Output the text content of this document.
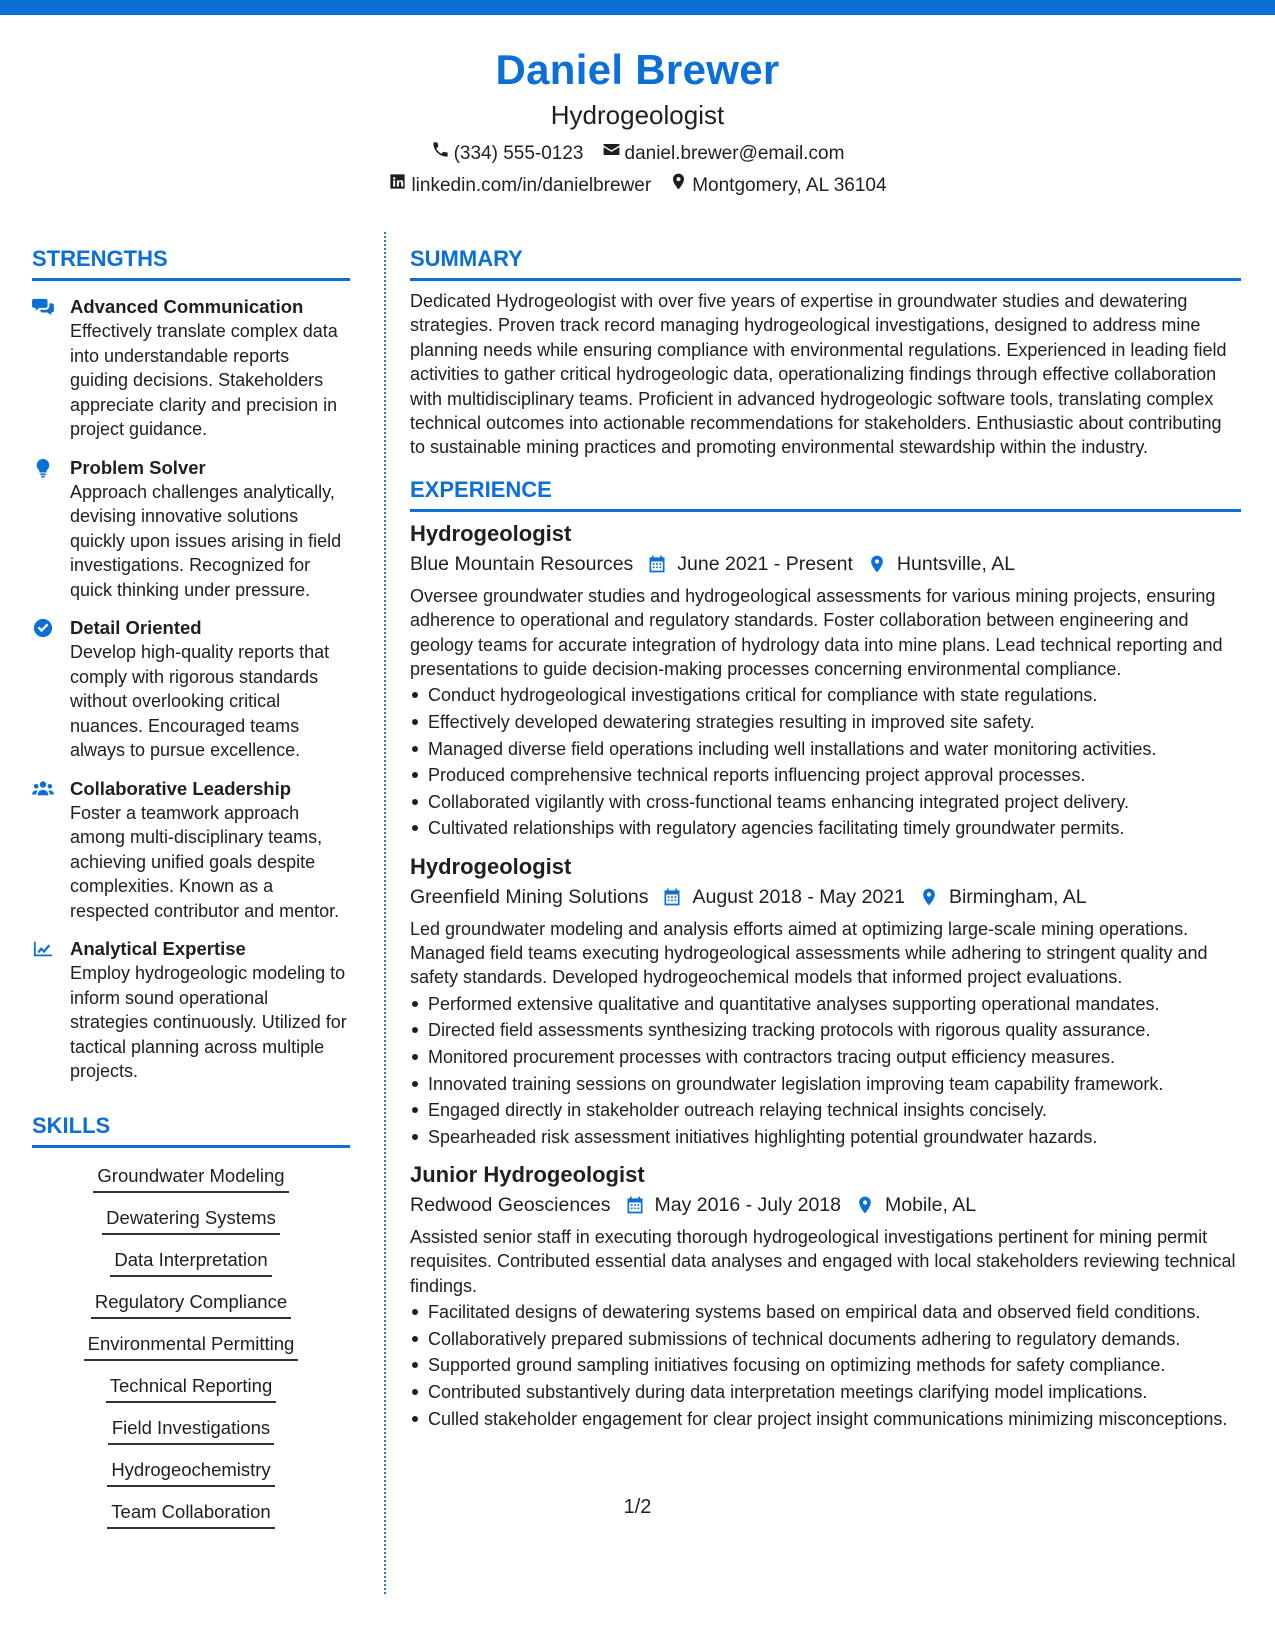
Daniel Brewer
Hydrogeologist
(334) 555-0123 daniel.brewer@email.com
linkedin.com/in/danielbrewer Montgomery, AL 36104
STRENGTHS
Advanced Communication
Effectively translate complex data into understandable reports guiding decisions. Stakeholders appreciate clarity and precision in project guidance.
Problem Solver
Approach challenges analytically, devising innovative solutions quickly upon issues arising in field investigations. Recognized for quick thinking under pressure.
Detail Oriented
Develop high-quality reports that comply with rigorous standards without overlooking critical nuances. Encouraged teams always to pursue excellence.
Collaborative Leadership
Foster a teamwork approach among multi-disciplinary teams, achieving unified goals despite complexities. Known as a respected contributor and mentor.
Analytical Expertise
Employ hydrogeologic modeling to inform sound operational strategies continuously. Utilized for tactical planning across multiple projects.
SKILLS
Groundwater Modeling
Dewatering Systems
Data Interpretation
Regulatory Compliance
Environmental Permitting
Technical Reporting
Field Investigations
Hydrogeochemistry
Team Collaboration
SUMMARY
Dedicated Hydrogeologist with over five years of expertise in groundwater studies and dewatering strategies. Proven track record managing hydrogeological investigations, designed to address mine planning needs while ensuring compliance with environmental regulations. Experienced in leading field activities to gather critical hydrogeologic data, operationalizing findings through effective collaboration with multidisciplinary teams. Proficient in advanced hydrogeologic software tools, translating complex technical outcomes into actionable recommendations for stakeholders. Enthusiastic about contributing to sustainable mining practices and promoting environmental stewardship within the industry.
EXPERIENCE
Hydrogeologist
Blue Mountain Resources June 2021 - Present Huntsville, AL
Oversee groundwater studies and hydrogeological assessments for various mining projects, ensuring adherence to operational and regulatory standards. Foster collaboration between engineering and geology teams for accurate integration of hydrology data into mine plans. Lead technical reporting and presentations to guide decision-making processes concerning environmental compliance.
Conduct hydrogeological investigations critical for compliance with state regulations.
Effectively developed dewatering strategies resulting in improved site safety.
Managed diverse field operations including well installations and water monitoring activities.
Produced comprehensive technical reports influencing project approval processes.
Collaborated vigilantly with cross-functional teams enhancing integrated project delivery.
Cultivated relationships with regulatory agencies facilitating timely groundwater permits.
Hydrogeologist
Greenfield Mining Solutions August 2018 - May 2021 Birmingham, AL
Led groundwater modeling and analysis efforts aimed at optimizing large-scale mining operations. Managed field teams executing hydrogeological assessments while adhering to stringent quality and safety standards. Developed hydrogeochemical models that informed project evaluations.
Performed extensive qualitative and quantitative analyses supporting operational mandates.
Directed field assessments synthesizing tracking protocols with rigorous quality assurance.
Monitored procurement processes with contractors tracing output efficiency measures.
Innovated training sessions on groundwater legislation improving team capability framework.
Engaged directly in stakeholder outreach relaying technical insights concisely.
Spearheaded risk assessment initiatives highlighting potential groundwater hazards.
Junior Hydrogeologist
Redwood Geosciences May 2016 - July 2018 Mobile, AL
Assisted senior staff in executing thorough hydrogeological investigations pertinent for mining permit requisites. Contributed essential data analyses and engaged with local stakeholders reviewing technical findings.
Facilitated designs of dewatering systems based on empirical data and observed field conditions.
Collaboratively prepared submissions of technical documents adhering to regulatory demands.
Supported ground sampling initiatives focusing on optimizing methods for safety compliance.
Contributed substantively during data interpretation meetings clarifying model implications.
Culled stakeholder engagement for clear project insight communications minimizing misconceptions.
1/2
